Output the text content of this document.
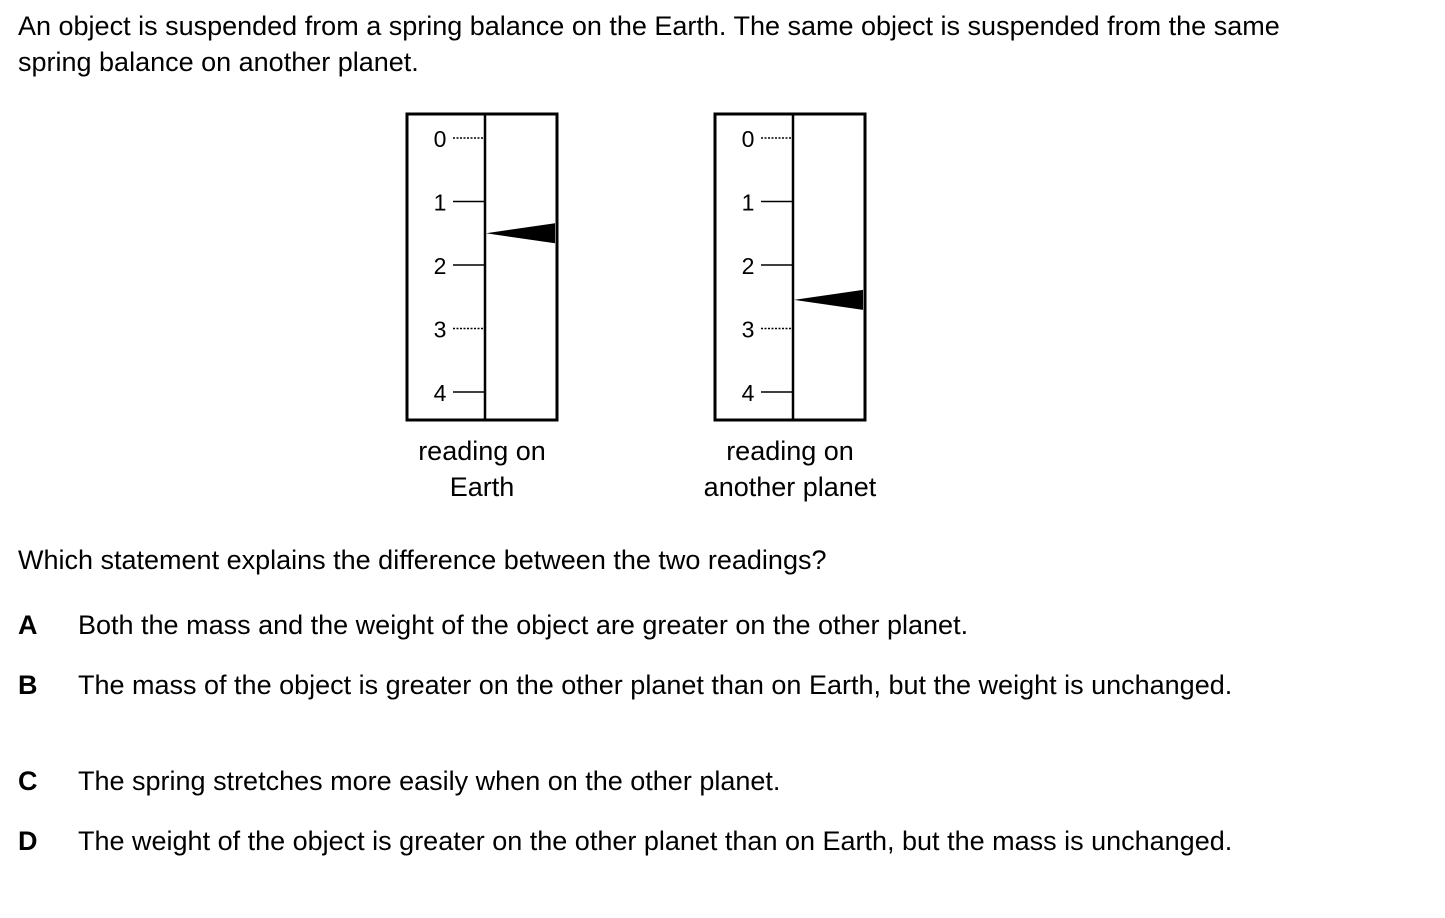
An object is suspended from a spring balance on the Earth. The same object is suspended from the same spring balance on another planet.

0
1
2
3
4
reading on
Earth
0
1
2
3
4
reading on
another planet

Which statement explains the difference between the two readings?

A	Both the mass and the weight of the object are greater on the other planet.
B	The mass of the object is greater on the other planet than on Earth, but the weight is unchanged.
C	The spring stretches more easily when on the other planet.
D	The weight of the object is greater on the other planet than on Earth, but the mass is unchanged.
